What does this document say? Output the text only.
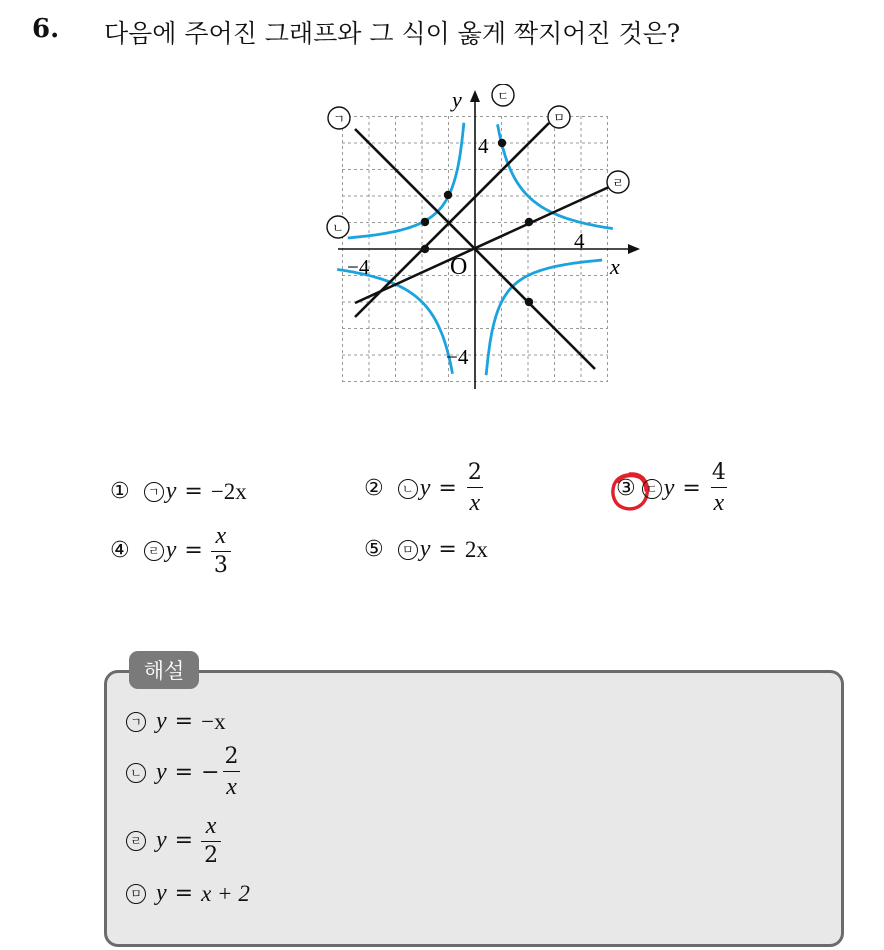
6. 다음에 주어진 그래프와 그 식이 옳게 짝지어진 것은?
x
y
O
4
−4
4
−4
ㄱ
ㄴ
ㄷ
ㄹ
ㅁ
①	ㄱ y = −2x	②	ㄴ $y = \frac{2}{x}$	③ ㄷ $y = \frac{4}{x}$
④	ㄹ $y = \frac{x}{3}$	⑤	ㅁ y = 2x
해설
ㄱ y = −x
ㄴ y = − $\frac{2}{x}$
ㄹ $y = \frac{x}{2}$
ㅁ y = x + 2
